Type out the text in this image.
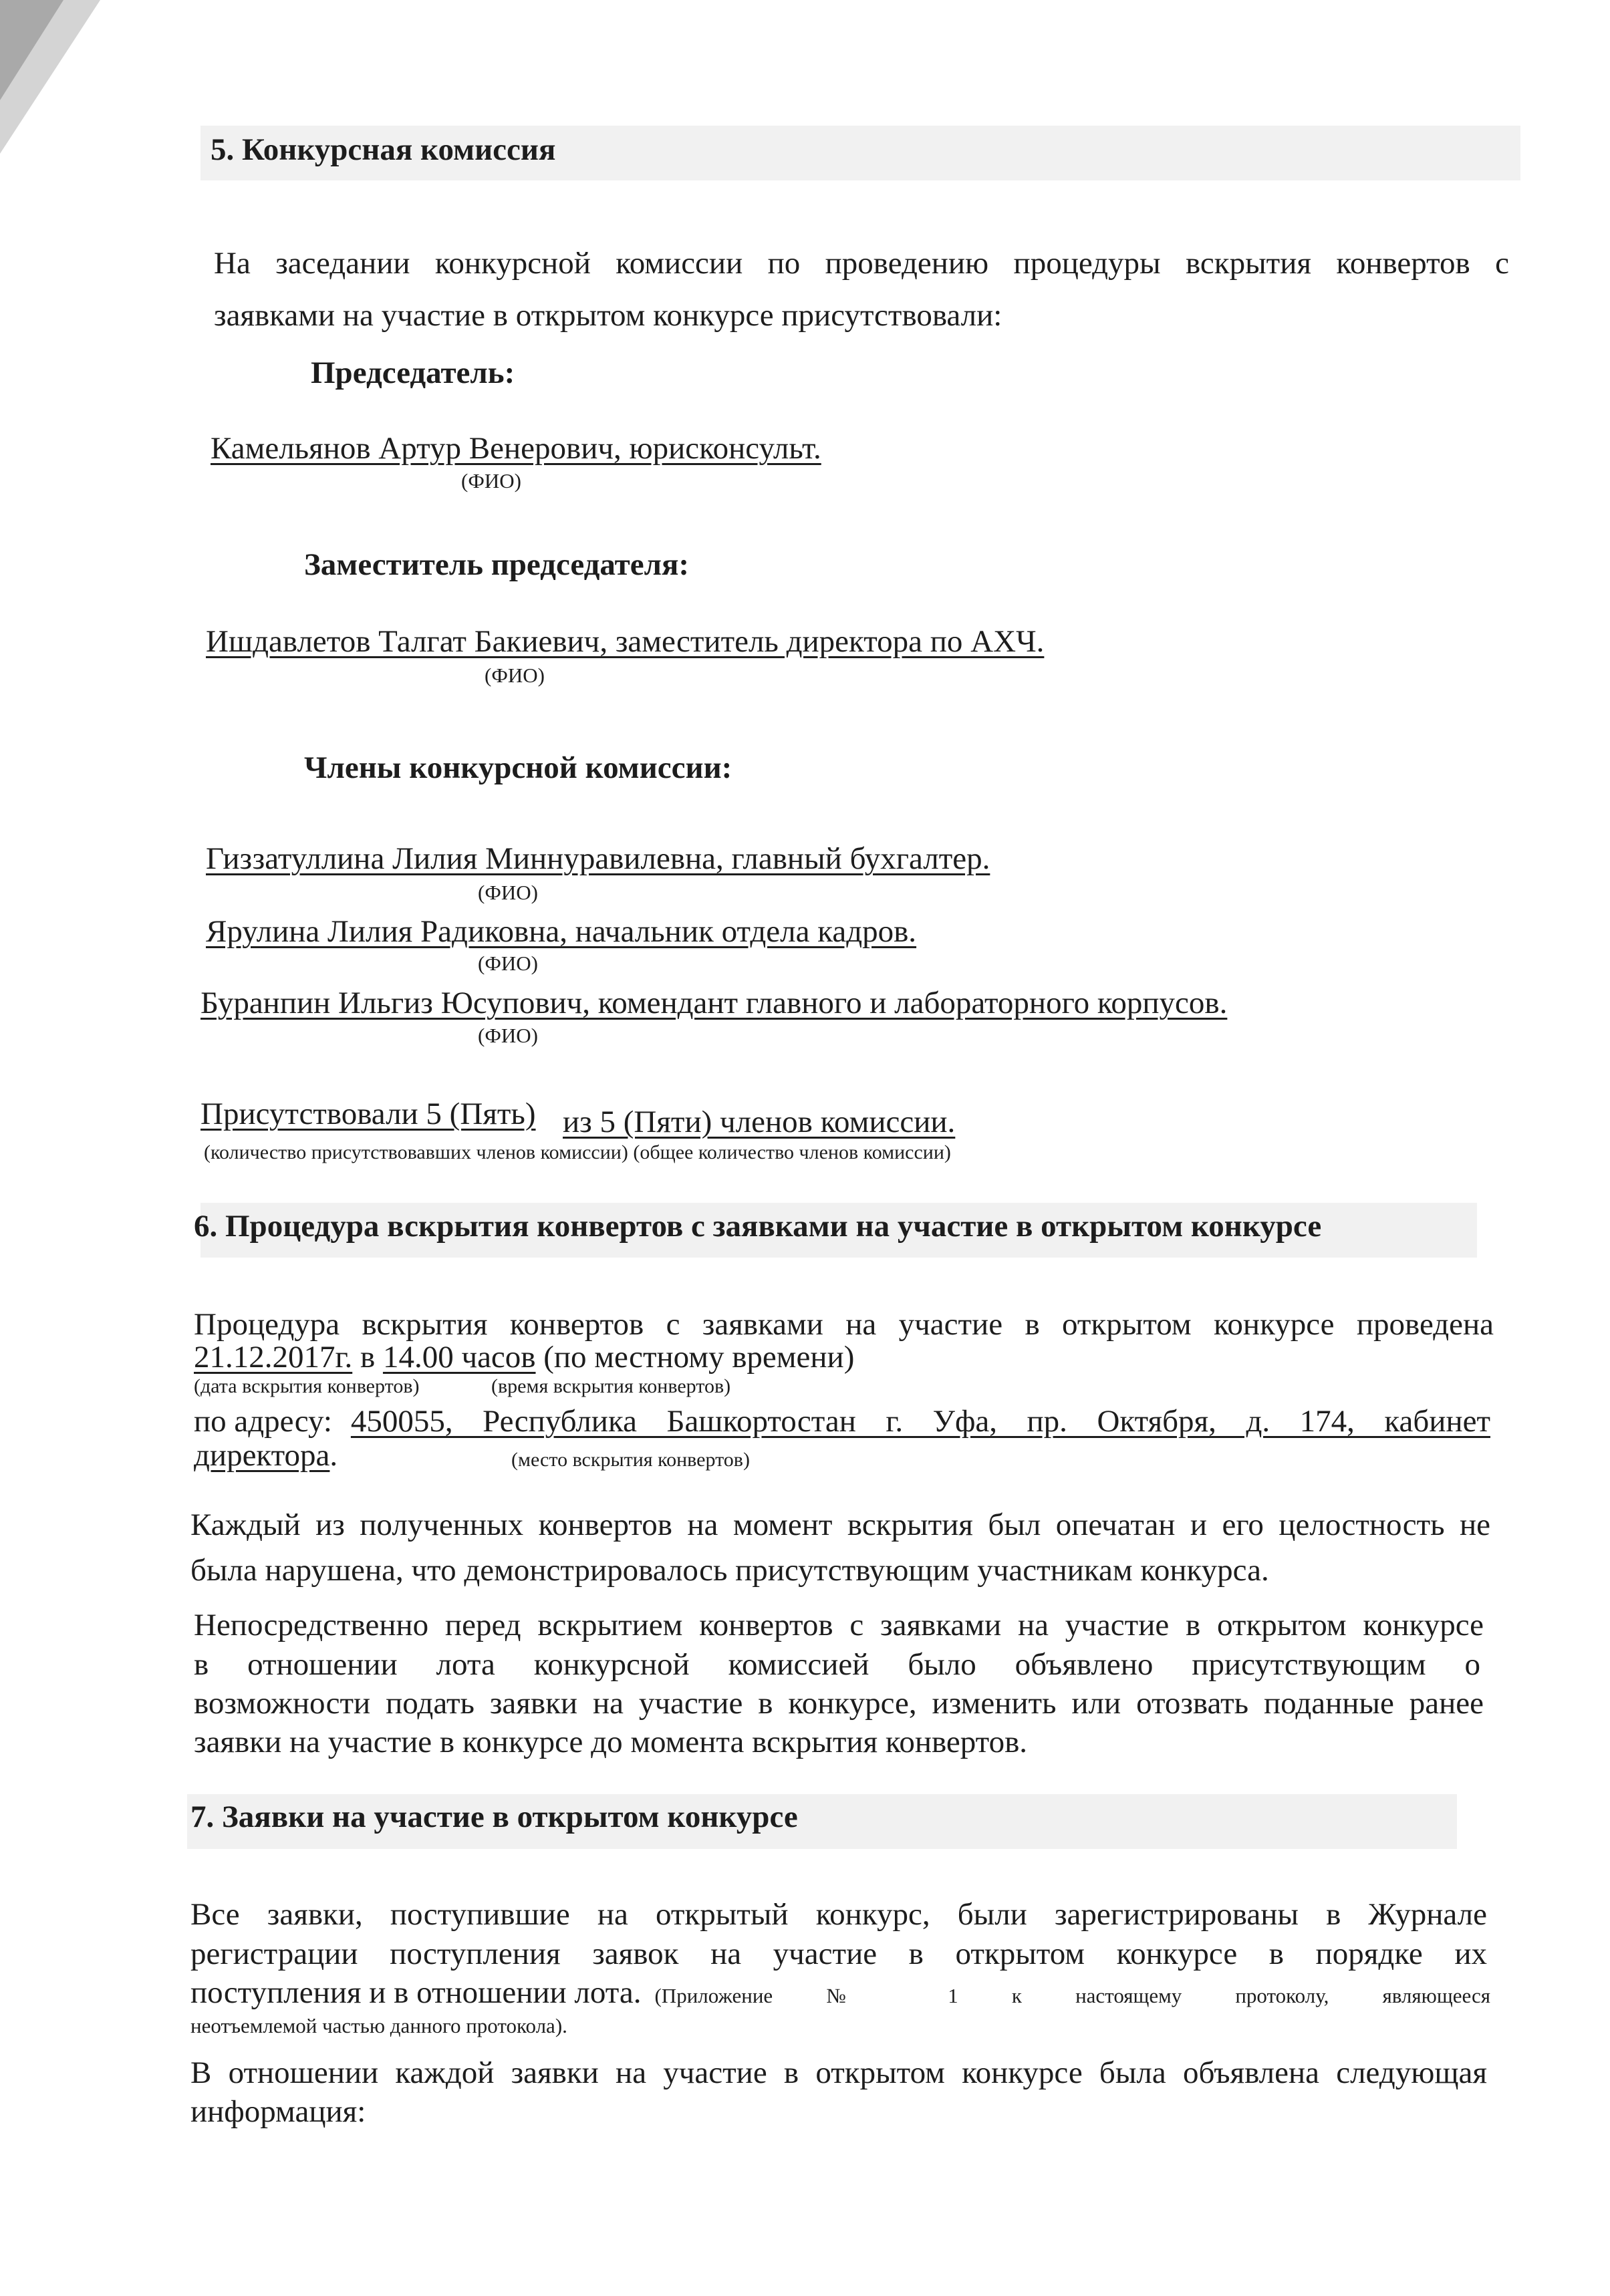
5. Конкурсная комиссия
На заседании конкурсной комиссии по проведению процедуры вскрытия конвертов с
заявками на участие в открытом конкурсе присутствовали:
Председатель:
Камельянов Артур Венерович, юрисконсульт.
(ФИО)
Заместитель председателя:
Ишдавлетов Талгат Бакиевич, заместитель директора по АХЧ.
(ФИО)
Члены конкурсной комиссии:
Гиззатуллина Лилия Миннуравилевна, главный бухгалтер.
(ФИО)
Ярулина Лилия Радиковна, начальник отдела кадров.
(ФИО)
Буранпин Ильгиз Юсупович, комендант главного и лабораторного корпусов.
(ФИО)
Присутствовали 5 (Пять) из 5 (Пяти) членов комиссии.
(количество присутствовавших членов комиссии) (общее количество членов комиссии)
6. Процедура вскрытия конвертов с заявками на участие в открытом конкурсе
Процедура вскрытия конвертов с заявками на участие в открытом конкурсе проведена
21.12.2017г. в 14.00 часов (по местному времени)
(дата вскрытия конвертов)	(время вскрытия конвертов)
по адресу: 450055, Республика Башкортостан г. Уфа, пр. Октября, д. 174, кабинет
директора.	(место вскрытия конвертов)
Каждый из полученных конвертов на момент вскрытия был опечатан и его целостность не
была нарушена, что демонстрировалось присутствующим участникам конкурса.
Непосредственно перед вскрытием конвертов с заявками на участие в открытом конкурсе
в отношении лота конкурсной комиссией было объявлено присутствующим о
возможности подать заявки на участие в конкурсе, изменить или отозвать поданные ранее
заявки на участие в конкурсе до момента вскрытия конвертов.
7. Заявки на участие в открытом конкурсе
Все заявки, поступившие на открытый конкурс, были зарегистрированы в Журнале
регистрации поступления заявок на участие в открытом конкурсе в порядке их
поступления и в отношении лота. (Приложение № 1 к настоящему протоколу, являющееся
неотъемлемой частью данного протокола).
В отношении каждой заявки на участие в открытом конкурсе была объявлена следующая
информация:
